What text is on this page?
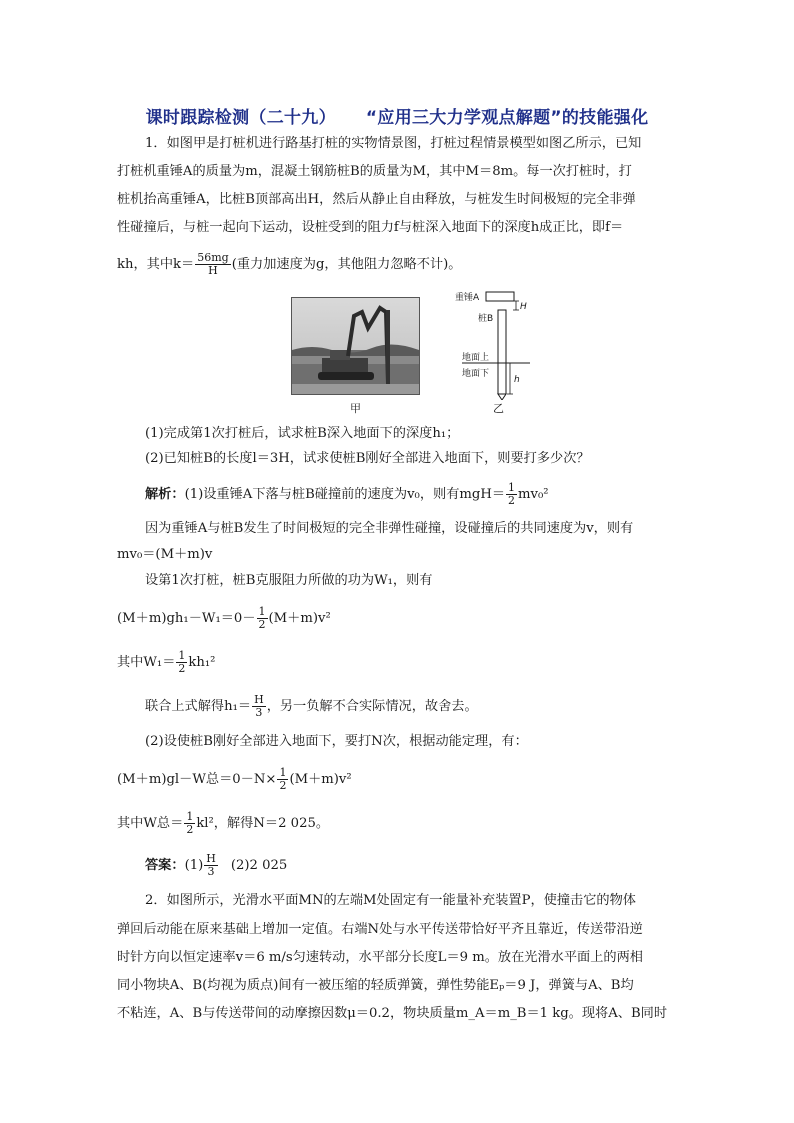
课时跟踪检测（二十九） “应用三大力学观点解题”的技能强化
1．如图甲是打桩机进行路基打桩的实物情景图，打桩过程情景模型如图乙所示，已知
打桩机重锤A的质量为m，混凝土钢筋桩B的质量为M，其中M＝8m。每一次打桩时，打
桩机抬高重锤A，比桩B顶部高出H，然后从静止自由释放，与桩发生时间极短的完全非弹
性碰撞后，与桩一起向下运动，设桩受到的阻力f与桩深入地面下的深度h成正比，即f＝
kh，其中$k= \frac{56mg}{H}$ (重力加速度为g，其他阻力忽略不计)。
甲
重锤A
H
桩B
地面上
地面下
h
乙
(1)完成第1次打桩后，试求桩B深入地面下的深度h₁；
(2)已知桩B的长度l＝3H，试求使桩B刚好全部进入地面下，则要打多少次？
解析：(1)设重锤A下落与桩B碰撞前的速度为v₀，则有$mgH= \frac{1}{2} mv_0^2$
因为重锤A与桩B发生了时间极短的完全非弹性碰撞，设碰撞后的共同速度为v，则有
mv₀＝(M＋m)v
设第1次打桩，桩B克服阻力所做的功为W₁，则有
$(M+m)gh_1-W_1=0- \frac{1}{2} (M+m)v^2$
其中$W_1= \frac{1}{2} kh_1^2$
联合上式解得$h_1= \frac{H}{3}$ ，另一负解不合实际情况，故舍去。
(2)设使桩B刚好全部进入地面下，要打N次，根据动能定理，有：
(M＋m)gl－W总$=0-N\times \frac{1}{2} (M+m)v^2$
其中W总＝ $\frac{1}{2} kl^2$，解得N＝2 025。
答案：$(1) \frac{H}{3} (2)2$ 025
2．如图所示，光滑水平面MN的左端M处固定有一能量补充装置P，使撞击它的物体
弹回后动能在原来基础上增加一定值。右端N处与水平传送带恰好平齐且靠近，传送带沿逆
时针方向以恒定速率v＝6 m/s匀速转动，水平部分长度L＝9 m。放在光滑水平面上的两相
同小物块A、B(均视为质点)间有一被压缩的轻质弹簧，弹性势能Eₚ＝9 J，弹簧与A、B均
不粘连，A、B与传送带间的动摩擦因数μ＝0.2，物块质量m_A＝m_B＝1 kg。现将A、B同时
